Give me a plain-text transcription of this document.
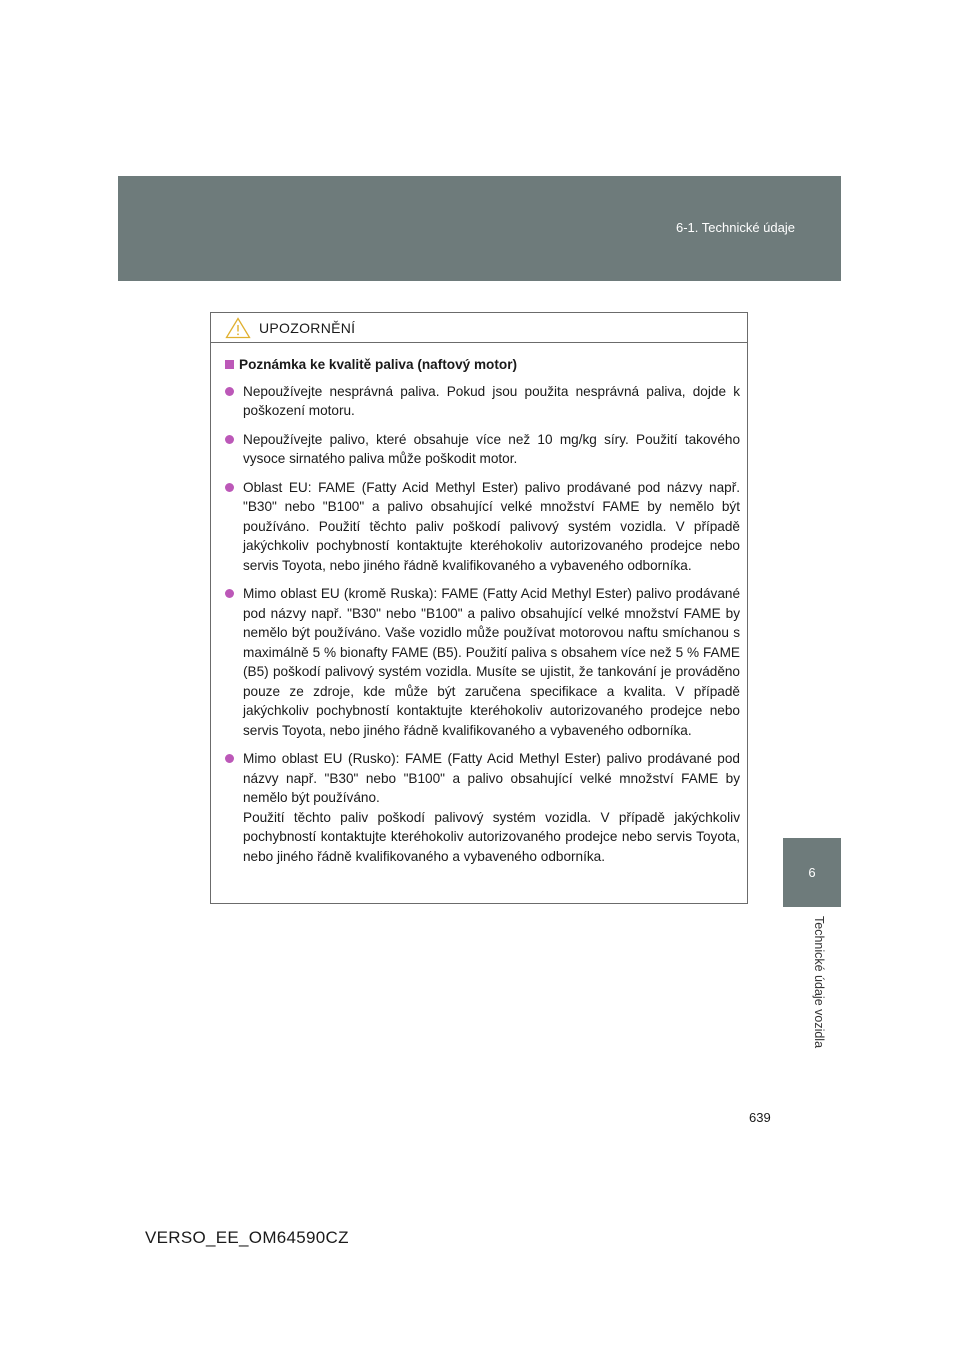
6-1. Technické údaje
6
Technické údaje vozidla
UPOZORNĚNÍ
Poznámka ke kvalitě paliva (naftový motor)
Nepoužívejte nesprávná paliva. Pokud jsou použita nesprávná paliva, dojde k poškození motoru.
Nepoužívejte palivo, které obsahuje více než 10 mg/kg síry. Použití takového vysoce sirnatého paliva může poškodit motor.
Oblast EU: FAME (Fatty Acid Methyl Ester) palivo prodávané pod názvy např. "B30" nebo "B100" a palivo obsahující velké množství FAME by nemělo být používáno. Použití těchto paliv poškodí palivový systém vozidla. V případě jakýchkoliv pochybností kontaktujte kteréhokoliv autorizovaného prodejce nebo servis Toyota, nebo jiného řádně kvalifikovaného a vybaveného odborníka.
Mimo oblast EU (kromě Ruska): FAME (Fatty Acid Methyl Ester) palivo prodávané pod názvy např. "B30" nebo "B100" a palivo obsahující velké množství FAME by nemělo být používáno. Vaše vozidlo může používat motorovou naftu smíchanou s maximálně 5 % bionafty FAME (B5). Použití paliva s obsahem více než 5 % FAME (B5) poškodí palivový systém vozidla. Musíte se ujistit, že tankování je prováděno pouze ze zdroje, kde může být zaručena specifikace a kvalita. V případě jakýchkoliv pochybností kontaktujte kteréhokoliv autorizovaného prodejce nebo servis Toyota, nebo jiného řádně kvalifikovaného a vybaveného odborníka.
Mimo oblast EU (Rusko): FAME (Fatty Acid Methyl Ester) palivo prodávané pod názvy např. "B30" nebo "B100" a palivo obsahující velké množství FAME by nemělo být používáno.
Použití těchto paliv poškodí palivový systém vozidla. V případě jakýchkoliv pochybností kontaktujte kteréhokoliv autorizovaného prodejce nebo servis Toyota, nebo jiného řádně kvalifikovaného a vybaveného odborníka.
639
VERSO_EE_OM64590CZ
